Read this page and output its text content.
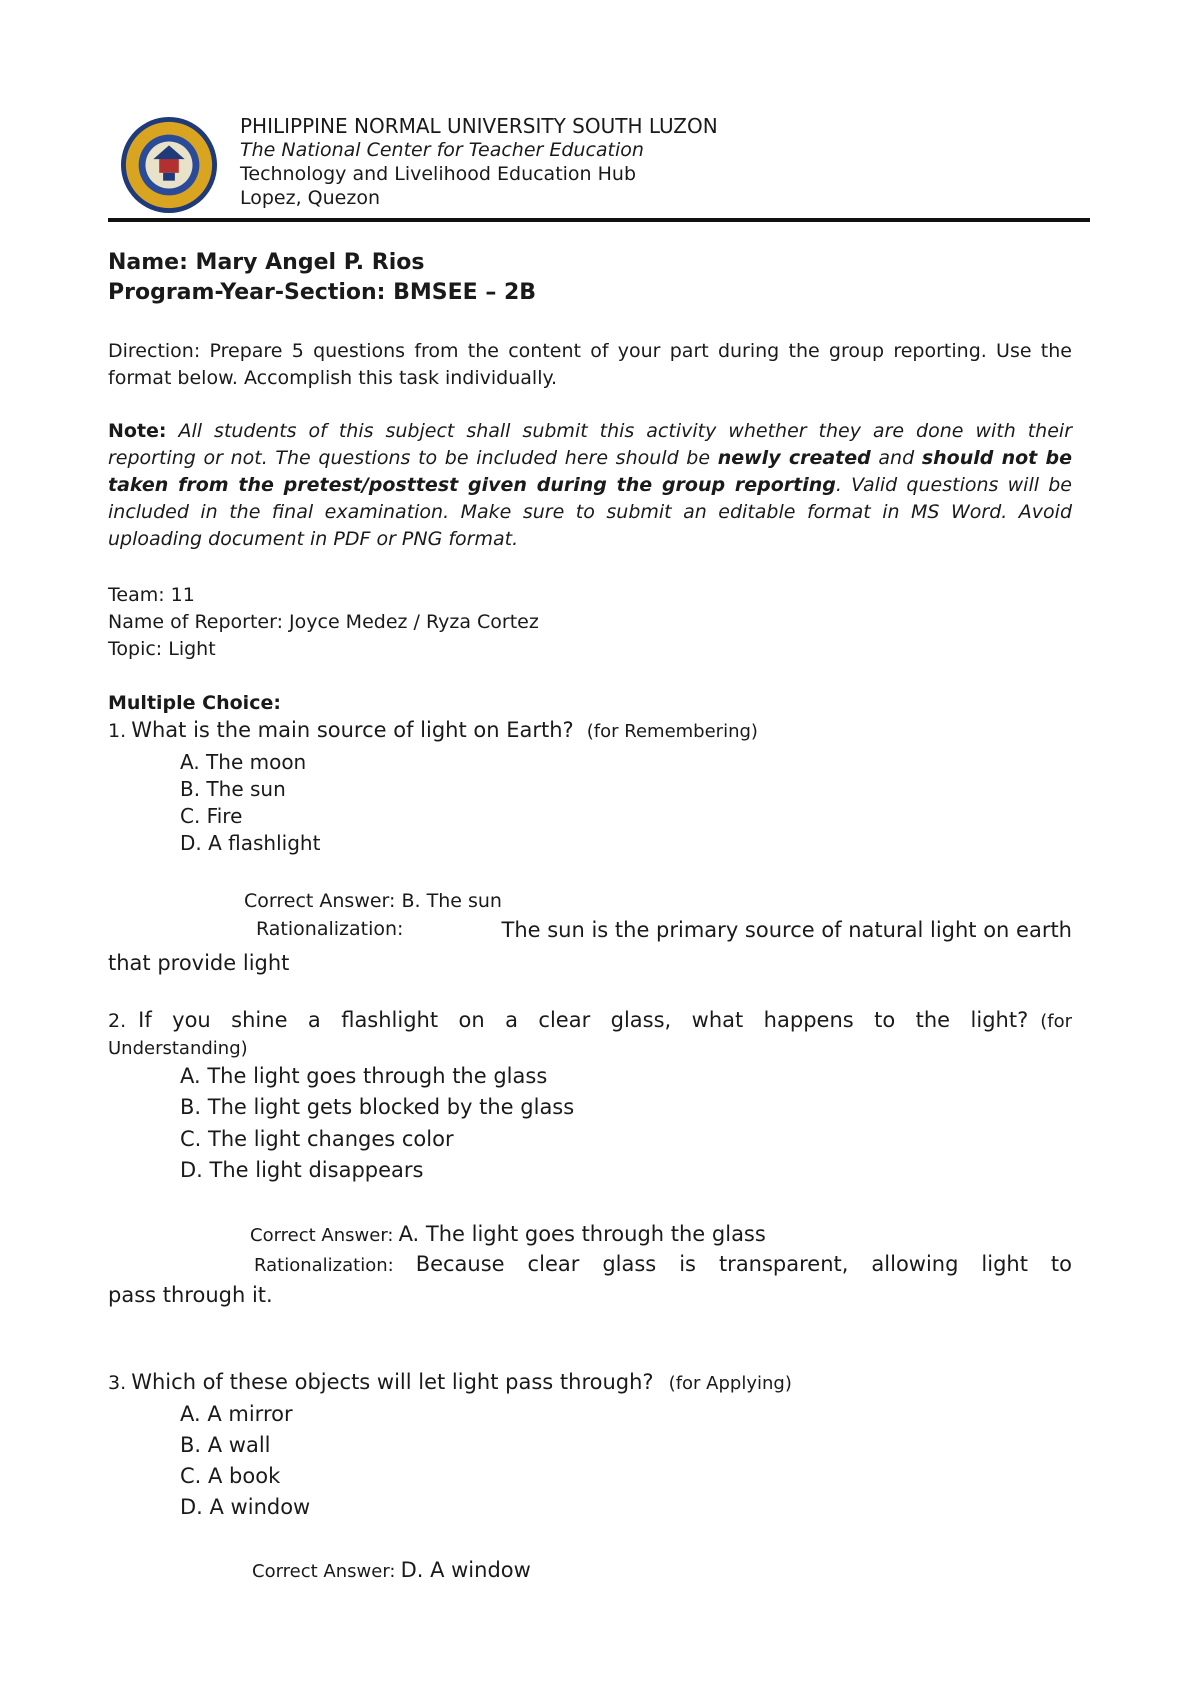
PHILIPPINE NORMAL UNIVERSITY SOUTH LUZON
The National Center for Teacher Education
Technology and Livelihood Education Hub
Lopez, Quezon
Name: Mary Angel P. Rios
Program-Year-Section: BMSEE – 2B
Direction: Prepare 5 questions from the content of your part during the group reporting. Use the format below. Accomplish this task individually.
Note: All students of this subject shall submit this activity whether they are done with their reporting or not. The questions to be included here should be newly created and should not be taken from the pretest/posttest given during the group reporting. Valid questions will be included in the final examination. Make sure to submit an editable format in MS Word. Avoid uploading document in PDF or PNG format.
Team: 11
Name of Reporter: Joyce Medez / Ryza Cortez
Topic: Light
Multiple Choice:
1. What is the main source of light on Earth? (for Remembering)
A. The moon
B. The sun
C. Fire
D. A flashlight
Correct Answer: B. The sun
Rationalization:	The sun is the primary source of natural light on earth
that provide light
2. If you shine a flashlight on a clear glass, what happens to the light? (for
Understanding)
A. The light goes through the glass
B. The light gets blocked by the glass
C. The light changes color
D. The light disappears
Correct Answer: A. The light goes through the glass
Rationalization: Because clear glass is transparent, allowing light to
pass through it.
3. Which of these objects will let light pass through? (for Applying)
A. A mirror
B. A wall
C. A book
D. A window
Correct Answer: D. A window
